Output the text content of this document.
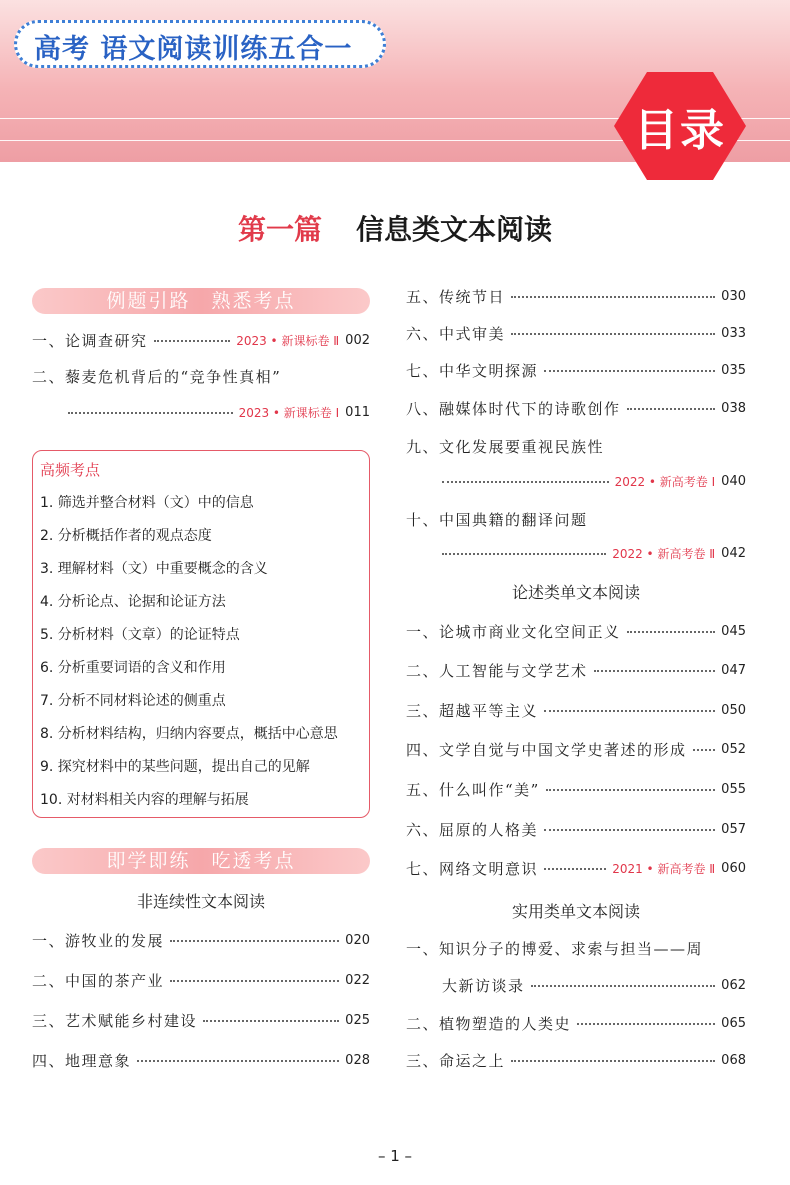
高考 语文阅读训练五合一
目录
第一篇 信息类文本阅读
例题引路　熟悉考点
一、论调查研究	2023 • 新课标卷 Ⅱ 002
二、藜麦危机背后的“竞争性真相”
2023 • 新课标卷 Ⅰ 011
高频考点
1. 筛选并整合材料（文）中的信息
2. 分析概括作者的观点态度
3. 理解材料（文）中重要概念的含义
4. 分析论点、论据和论证方法
5. 分析材料（文章）的论证特点
6. 分析重要词语的含义和作用
7. 分析不同材料论述的侧重点
8. 分析材料结构，归纳内容要点，概括中心意思
9. 探究材料中的某些问题，提出自己的见解
10. 对材料相关内容的理解与拓展
即学即练　吃透考点
非连续性文本阅读
一、游牧业的发展	020
二、中国的茶产业	022
三、艺术赋能乡村建设	025
四、地理意象	028
五、传统节日	030
六、中式审美	033
七、中华文明探源	035
八、融媒体时代下的诗歌创作	038
九、文化发展要重视民族性
2022 • 新高考卷 Ⅰ 040
十、中国典籍的翻译问题
2022 • 新高考卷 Ⅱ 042
论述类单文本阅读
一、论城市商业文化空间正义	045
二、人工智能与文学艺术	047
三、超越平等主义	050
四、文学自觉与中国文学史著述的形成	052
五、什么叫作“美”	055
六、屈原的人格美	057
七、网络文明意识	2021 • 新高考卷 Ⅱ 060
实用类单文本阅读
一、知识分子的博爱、求索与担当——周
大新访谈录	062
二、植物塑造的人类史	065
三、命运之上	068
– 1 –
